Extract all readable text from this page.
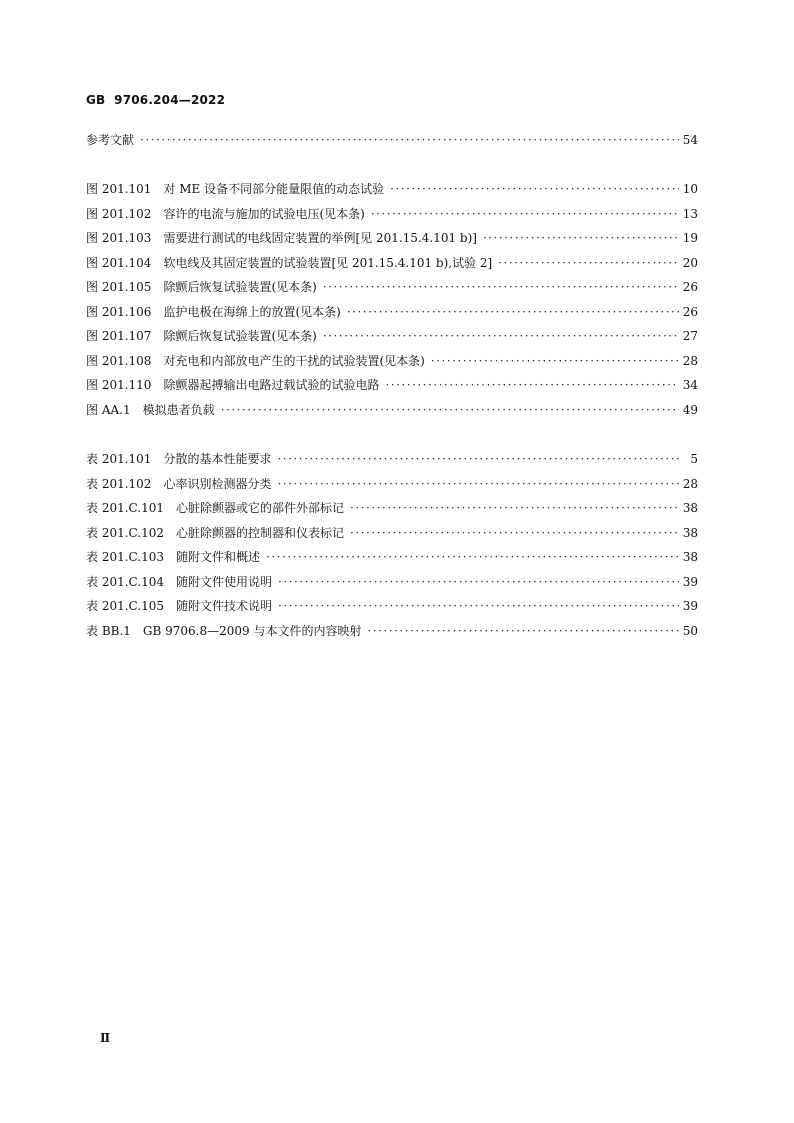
GB  9706.204—2022
参考文献 ·····	54
图 201.101 对 ME 设备不同部分能量限值的动态试验 ·····	10
图 201.102 容许的电流与施加的试验电压(见本条) ·····	13
图 201.103 需要进行测试的电线固定装置的举例[见 201.15.4.101 b)] ·····	19
图 201.104 软电线及其固定装置的试验装置[见 201.15.4.101 b),试验 2] ·····	20
图 201.105 除颤后恢复试验装置(见本条) ·····	26
图 201.106 监护电极在海绵上的放置(见本条) ·····	26
图 201.107 除颤后恢复试验装置(见本条) ·····	27
图 201.108 对充电和内部放电产生的干扰的试验装置(见本条) ·····	28
图 201.110 除颤器起搏输出电路过载试验的试验电路 ·····	34
图 AA.1 模拟患者负载 ·····	49
表 201.101 分散的基本性能要求 ·····	5
表 201.102 心率识别检测器分类 ·····	28
表 201.C.101 心脏除颤器或它的部件外部标记 ·····	38
表 201.C.102 心脏除颤器的控制器和仪表标记 ·····	38
表 201.C.103 随附文件和概述 ·····	38
表 201.C.104 随附文件使用说明 ·····	39
表 201.C.105 随附文件技术说明 ·····	39
表 BB.1 GB 9706.8—2009 与本文件的内容映射 ·····	50
Ⅱ
